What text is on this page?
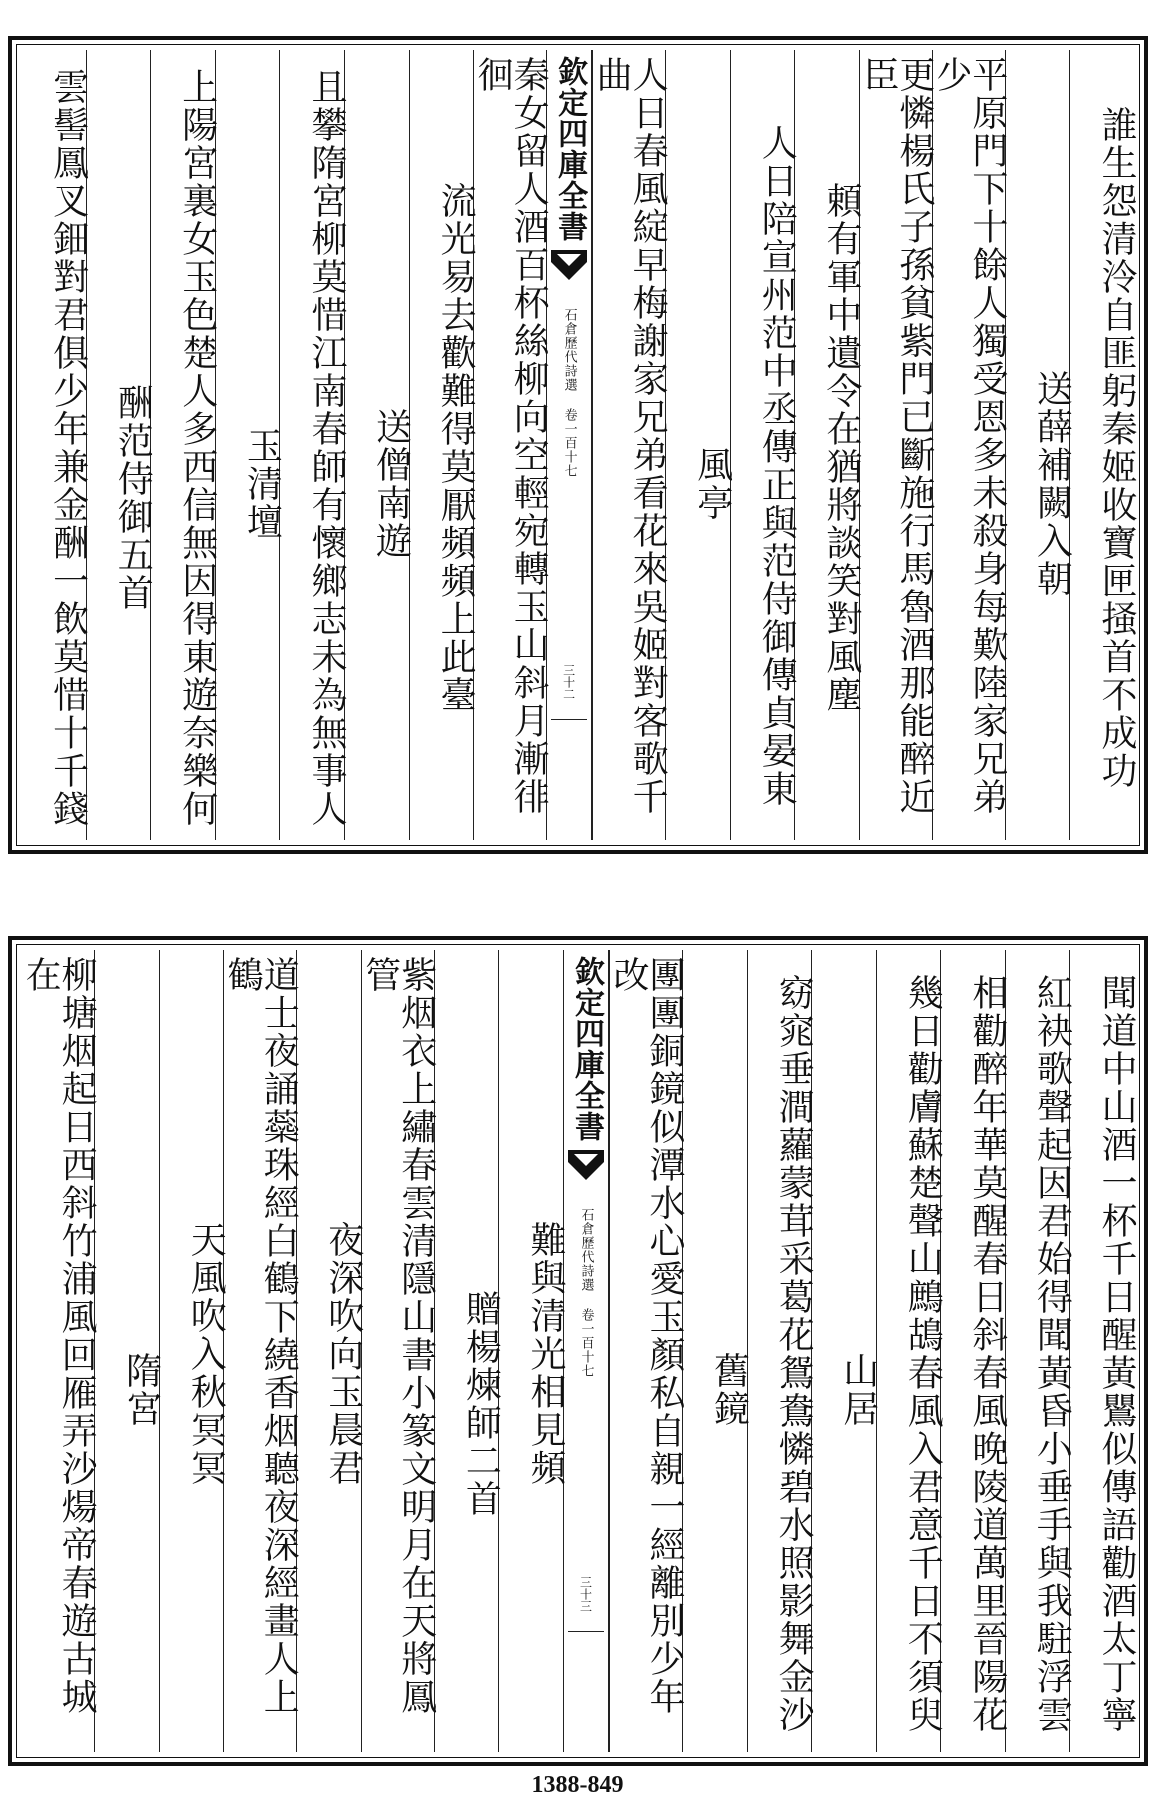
誰生怨清泠自匪躬秦姬收寶匣掻首不成功
送薛補闕入朝
平原門下十餘人獨受恩多未殺身每歎陸家兄弟少
更憐楊氏子孫貧紫門已斷施行馬魯酒那能醉近臣
頼有軍中遺令在猶將談笑對風塵
人日陪宣州范中丞傳正與范侍御傳貞晏東
風亭
人日春風綻早梅謝家兄弟看花來吳姬對客歌千曲
欽定四庫全書
石倉歷代詩選 卷一百十七
三十二
秦女留人酒百杯絲柳向空輕宛轉玉山斜月漸徘徊
流光易去歡難得莫厭頻頻上此臺
送僧南遊
且攀隋宮柳莫惜江南春師有懷鄉志未為無事人
玉清壇
上陽宮裏女玉色楚人多西信無因得東遊奈樂何
酬范侍御五首
雲髻鳳叉鈿對君俱少年兼金酬一飲莫惜十千錢
聞道中山酒一杯千日醒黃鸎似傳語勸酒太丁寧
紅袂歌聲起因君始得聞黃昏小垂手與我駐浮雲
相勸醉年華莫醒春日斜春風晚陵道萬里晉陽花
幾日勸膚蘇楚聲山鷓鴣春風入君意千日不須臾
山居
窈窕垂澗蘿蒙茸采葛花鴛鴦憐碧水照影舞金沙
舊鏡
團團銅鏡似潭水心愛玉顏私自親一經離別少年改
欽定四庫全書
石倉歷代詩選 卷一百十七
三十三
難與清光相見頻
贈楊煉師二首
紫烟衣上繡春雲清隱山書小篆文明月在天將鳳管
夜深吹向玉晨君
道士夜誦蘂珠經白鶴下繞香烟聽夜深經畫人上鶴
天風吹入秋冥冥
隋宮
柳塘烟起日西斜竹浦風回雁弄沙煬帝春遊古城在
1388-849
